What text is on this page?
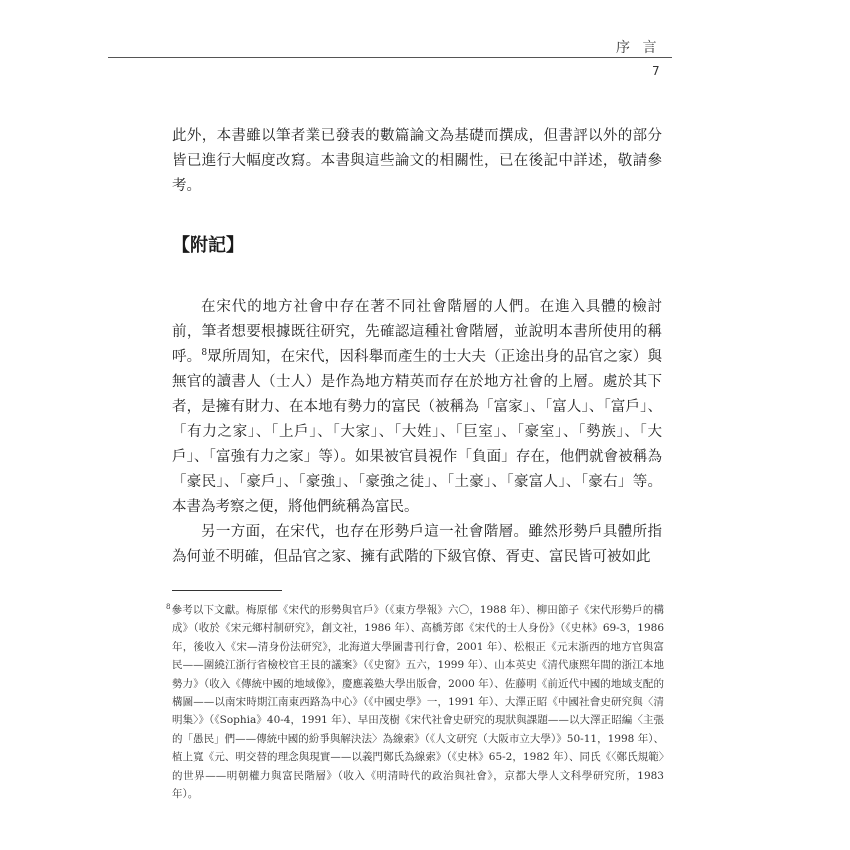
序 言
7

此外，本書雖以筆者業已發表的數篇論文為基礎而撰成，但書評以外的部分皆已進行大幅度改寫。本書與這些論文的相關性，已在後記中詳述，敬請參考。

【附記】

在宋代的地方社會中存在著不同社會階層的人們。在進入具體的檢討前，筆者想要根據既往研究，先確認這種社會階層，並說明本書所使用的稱呼。$^8$眾所周知，在宋代，因科舉而產生的士大夫（正途出身的品官之家）與無官的讀書人（士人）是作為地方精英而存在於地方社會的上層。處於其下者，是擁有財力、在本地有勢力的富民（被稱為「富家」、「富人」、「富戶」、「有力之家」、「上戶」、「大家」、「大姓」、「巨室」、「豪室」、「勢族」、「大戶」、「富強有力之家」等）。如果被官員視作「負面」存在，他們就會被稱為「豪民」、「豪戶」、「豪強」、「豪強之徒」、「土豪」、「豪富人」、「豪右」等。本書為考察之便，將他們統稱為富民。

另一方面，在宋代，也存在形勢戶這一社會階層。雖然形勢戶具體所指為何並不明確，但品官之家、擁有武階的下級官僚、胥吏、富民皆可被如此

$^8$參考以下文獻。梅原郁《宋代的形勢與官戶》（《東方學報》六〇，1988 年）、柳田節子《宋代形勢戶的構成》（收於《宋元鄉村制研究》，創文社，1986 年）、高橋芳郎《宋代的士人身份》（《史林》69-3，1986 年，後收入《宋—清身份法研究》，北海道大學圖書刊行會，2001 年）、松根正《元末浙西的地方官與富民——圍繞江浙行省檢校官王艮的議案》（《史窗》五六，1999 年）、山本英史《清代康熙年間的浙江本地勢力》（收入《傳統中國的地域像》，慶應義塾大學出版會，2000 年）、佐藤明《前近代中國的地域支配的構圖——以南宋時期江南東西路為中心》（《中國史學》一，1991 年）、大澤正昭《中國社會史研究與〈清明集〉》（《Sophia》40-4，1991 年）、早田茂樹《宋代社會史研究的現狀與課題——以大澤正昭編〈主張的「愚民」們——傳統中國的紛爭與解決法〉為線索》（《人文研究（大阪市立大學）》50-11，1998 年）、植上寬《元、明交替的理念與現實——以義門鄭氏為線索》（《史林》65-2，1982 年）、同氏《〈鄭氏規範〉的世界——明朝權力與富民階層》（收入《明清時代的政治與社會》，京都大學人文科學研究所，1983 年）。
